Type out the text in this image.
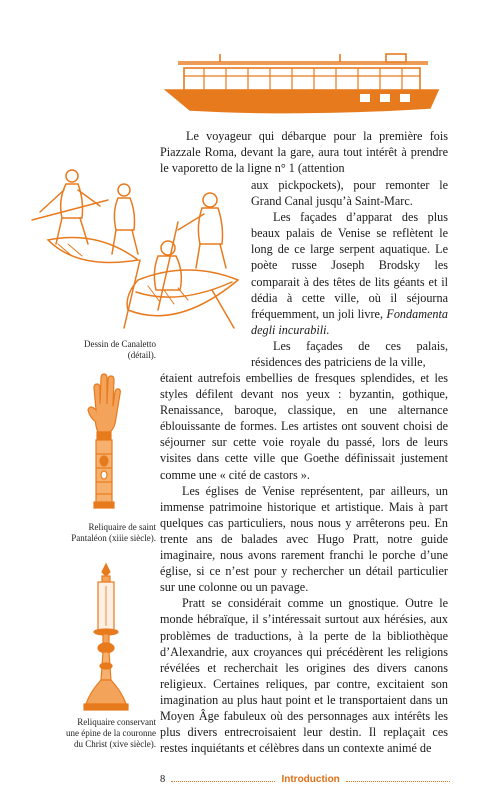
Dessin de Canaletto
(détail).
Reliquaire de saint
Pantaléon (xiiie siècle).
Reliquaire conservant
une épine de la couronne
du Christ (xive siècle).

Le voyageur qui débarque pour la première fois Piazzale Roma, devant la gare, aura tout intérêt à prendre le vaporetto de la ligne n° 1 (attention

aux pickpockets), pour remonter le Grand Canal jusqu’à Saint-Marc.

Les façades d’apparat des plus beaux palais de Venise se reflètent le long de ce large serpent aquatique. Le poète russe Joseph Brodsky les comparait à des têtes de lits géants et il dédia à cette ville, où il séjourna fréquemment, un joli livre, Fondamenta degli incurabili.

Les façades de ces palais, résidences des patriciens de la ville,

étaient autrefois embellies de fresques splendides, et les styles défilent devant nos yeux : byzantin, gothique, Renaissance, baroque, classique, en une alternance éblouissante de formes. Les artistes ont souvent choisi de séjourner sur cette voie royale du passé, lors de leurs visites dans cette ville que Goethe définissait justement comme une « cité de castors ».

Les églises de Venise représentent, par ailleurs, un immense patrimoine historique et artistique. Mais à part quelques cas particuliers, nous nous y arrêterons peu. En trente ans de balades avec Hugo Pratt, notre guide imaginaire, nous avons rarement franchi le porche d’une église, si ce n’est pour y rechercher un détail particulier sur une colonne ou un pavage.

Pratt se considérait comme un gnostique. Outre le monde hébraïque, il s’intéressait surtout aux hérésies, aux problèmes de traductions, à la perte de la bibliothèque d’Alexandrie, aux croyances qui précédèrent les religions révélées et recherchait les origines des divers canons religieux. Certaines reliques, par contre, excitaient son imagination au plus haut point et le transportaient dans un Moyen Âge fabuleux où des personnages aux intérêts les plus divers entrecroisaient leur destin. Il replaçait ces restes inquiétants et célèbres dans un contexte animé de

8	Introduction
